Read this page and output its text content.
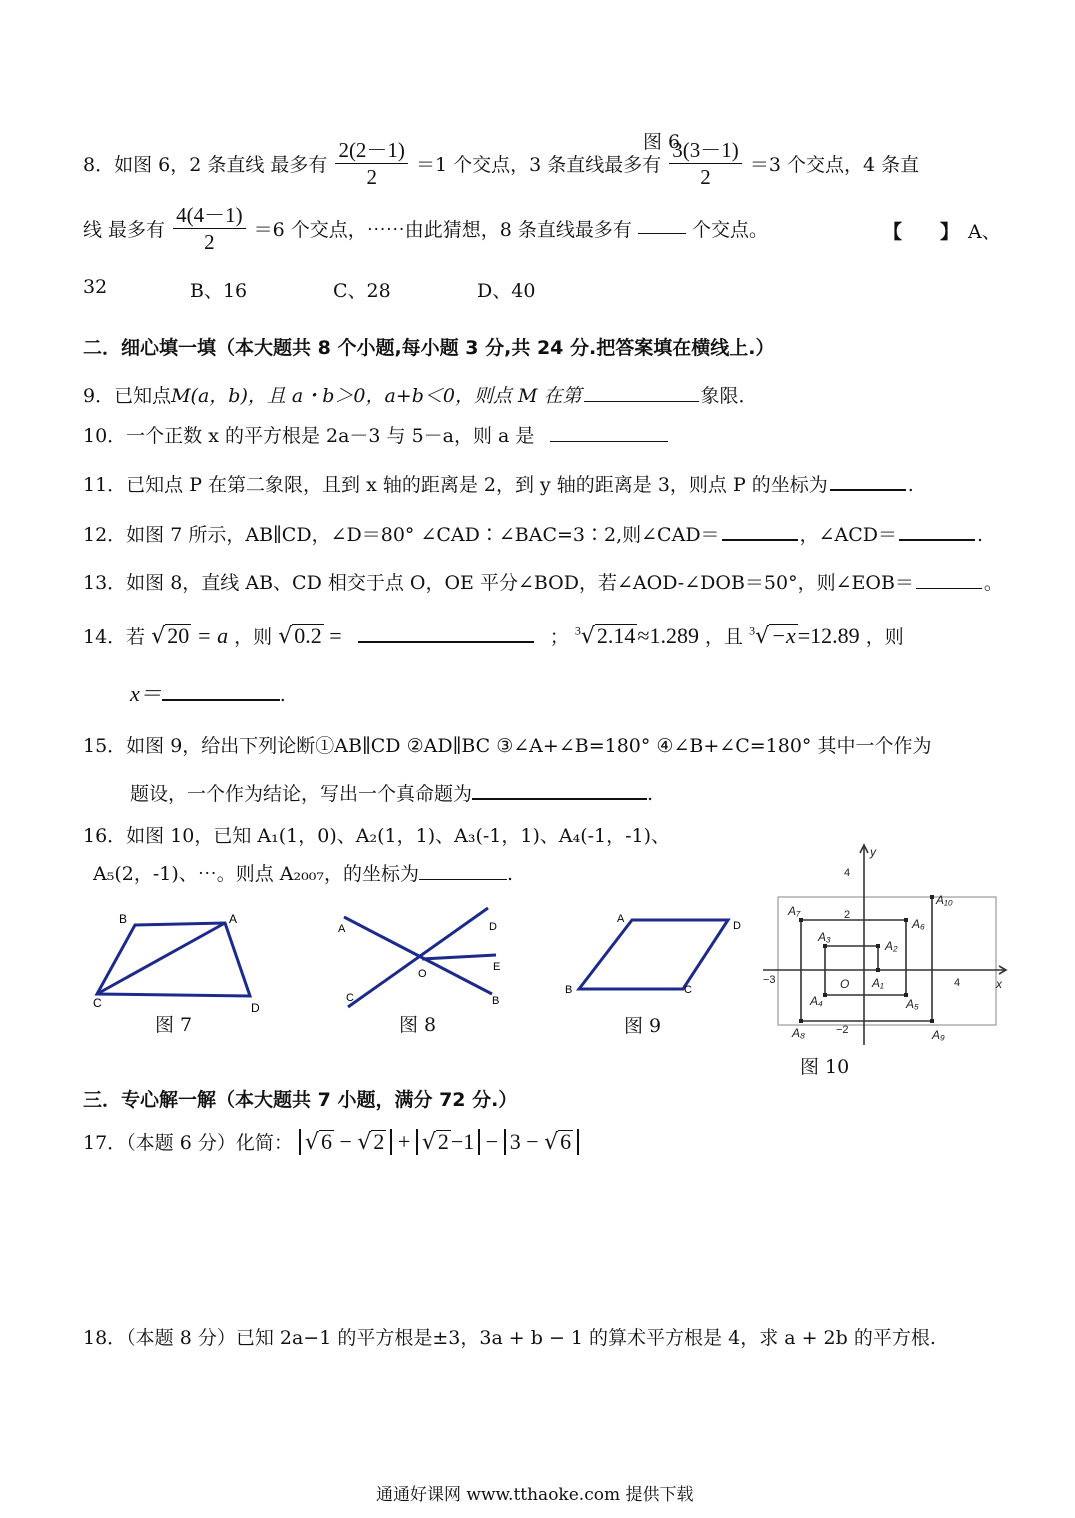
图 6
8．如图 6，2 条直线 最多有 $\frac{2(2-1)}{2} =1$ 个交点，3 条直线最多有 $\frac{3(3-1)}{2} =3$ 个交点，4 条直
线 最多有 $\frac{4(4-1)}{2} =6$ 个交点，⋯⋯由此猜想，8 条直线最多有	个交点。	【　　】 A、
32	B、16	C、28	D、40
二．细心填一填（本大题共 8 个小题,每小题 3 分,共 24 分.把答案填在横线上.）
9．已知点M(a，b)，且 a・b＞0，a+b＜0，则点 M 在第	象限．
10．一个正数 x 的平方根是 2a－3 与 5－a，则 a 是
11．已知点 P 在第二象限，且到 x 轴的距离是 2，到 y 轴的距离是 3，则点 P 的坐标为	.
12．如图 7 所示，AB∥CD，∠D＝80° ∠CAD∶∠BAC=3∶2,则∠CAD＝	，∠ACD＝	.
13．如图 8，直线 AB、CD 相交于点 O，OE 平分∠BOD，若∠AOD-∠DOB＝50°，则∠EOB＝	。
14．若 √20 = a ，则 √0.2 =	； $^3$√2.14≈1.289 ，且 $^3$√−x=12.89 ，则
x＝	.
15．如图 9，给出下列论断①AB∥CD ②AD∥BC ③∠A+∠B=180° ④∠B+∠C=180° 其中一个作为
题设，一个作为结论，写出一个真命题为	.
16．如图 10，已知 A₁(1，0)、A₂(1，1)、A₃(-1，1)、A₄(-1，-1)、
A₅(2，-1)、⋯。则点 A₂₀₀₇，的坐标为	.
B	A
C	D
图 7
A	D
E
B
C
O
图 8
A
D
B	C
图 9
y
x
O A₁
A₂
A₃
A₄	A₅
A₆
A₇
A₈	A₉
A₁₀
4
2
−3	4
−2
图 10
三．专心解一解（本大题共 7 小题，满分 72 分.）
17．（本题 6 分）化简： √6 − √2 + √2−1 − 3 − √6
18．（本题 8 分）已知 2a−1 的平方根是±3，3a + b − 1 的算术平方根是 4，求 a + 2b 的平方根.
通通好课网 www.tthaoke.com 提供下载
